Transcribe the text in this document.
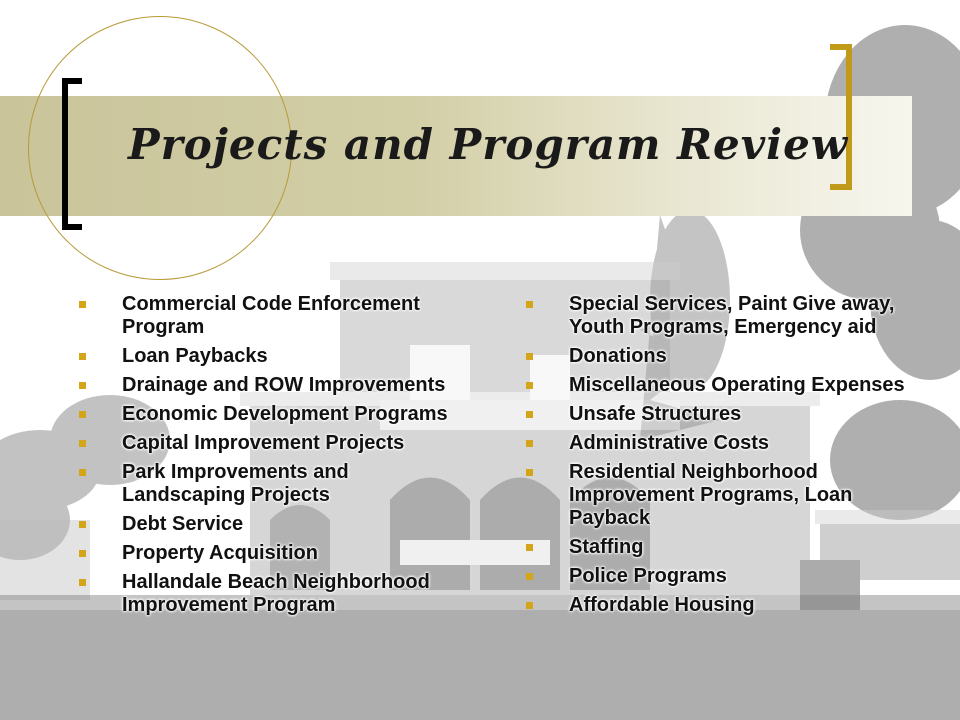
Projects and Program Review
Commercial Code Enforcement Program
Loan Paybacks
Drainage and ROW Improvements
Economic Development Programs
Capital Improvement Projects
Park Improvements and Landscaping Projects
Debt Service
Property Acquisition
Hallandale Beach Neighborhood Improvement Program
Special Services, Paint Give away, Youth Programs, Emergency aid
Donations
Miscellaneous Operating Expenses
Unsafe Structures
Administrative Costs
Residential Neighborhood Improvement Programs, Loan Payback
Staffing
Police Programs
Affordable Housing
